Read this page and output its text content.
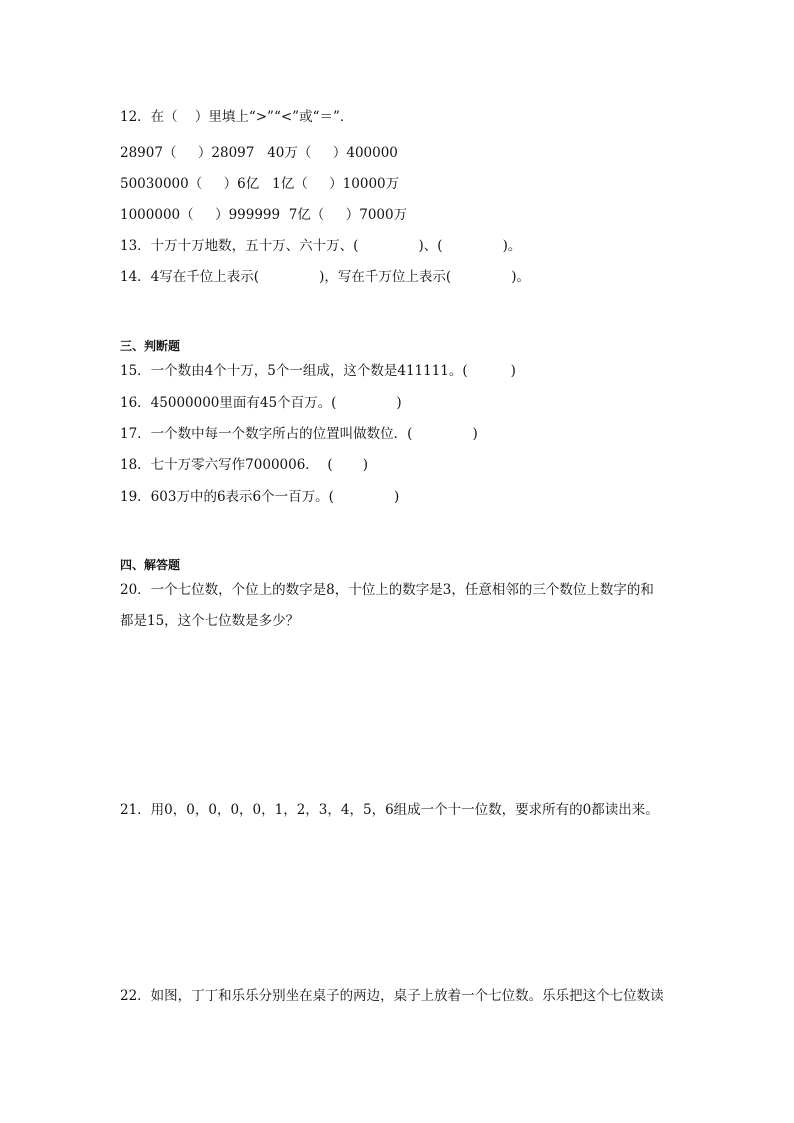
12．在（    ）里填上“>”“<”或“＝”．

28907（     ）28097   40万（     ）400000

50030000（     ）6亿   1亿（     ）10000万

1000000（     ）999999  7亿（     ）7000万

13．十万十万地数，五十万、六十万、(              )、(              )。

14．4写在千位上表示(              )，写在千万位上表示(              )。

三、判断题

15．一个数由4个十万，5个一组成，这个数是411111。(          )

16．45000000里面有45个百万。(              )

17．一个数中每一个数字所占的位置叫做数位．(              )

18．七十万零六写作7000006．  (       )

19．603万中的6表示6个一百万。(              )

四、解答题

20．一个七位数，个位上的数字是8，十位上的数字是3，任意相邻的三个数位上数字的和

都是15，这个七位数是多少？

21．用0，0，0，0，0，1，2，3，4，5，6组成一个十一位数，要求所有的0都读出来。

22．如图，丁丁和乐乐分别坐在桌子的两边，桌子上放着一个七位数。乐乐把这个七位数读
